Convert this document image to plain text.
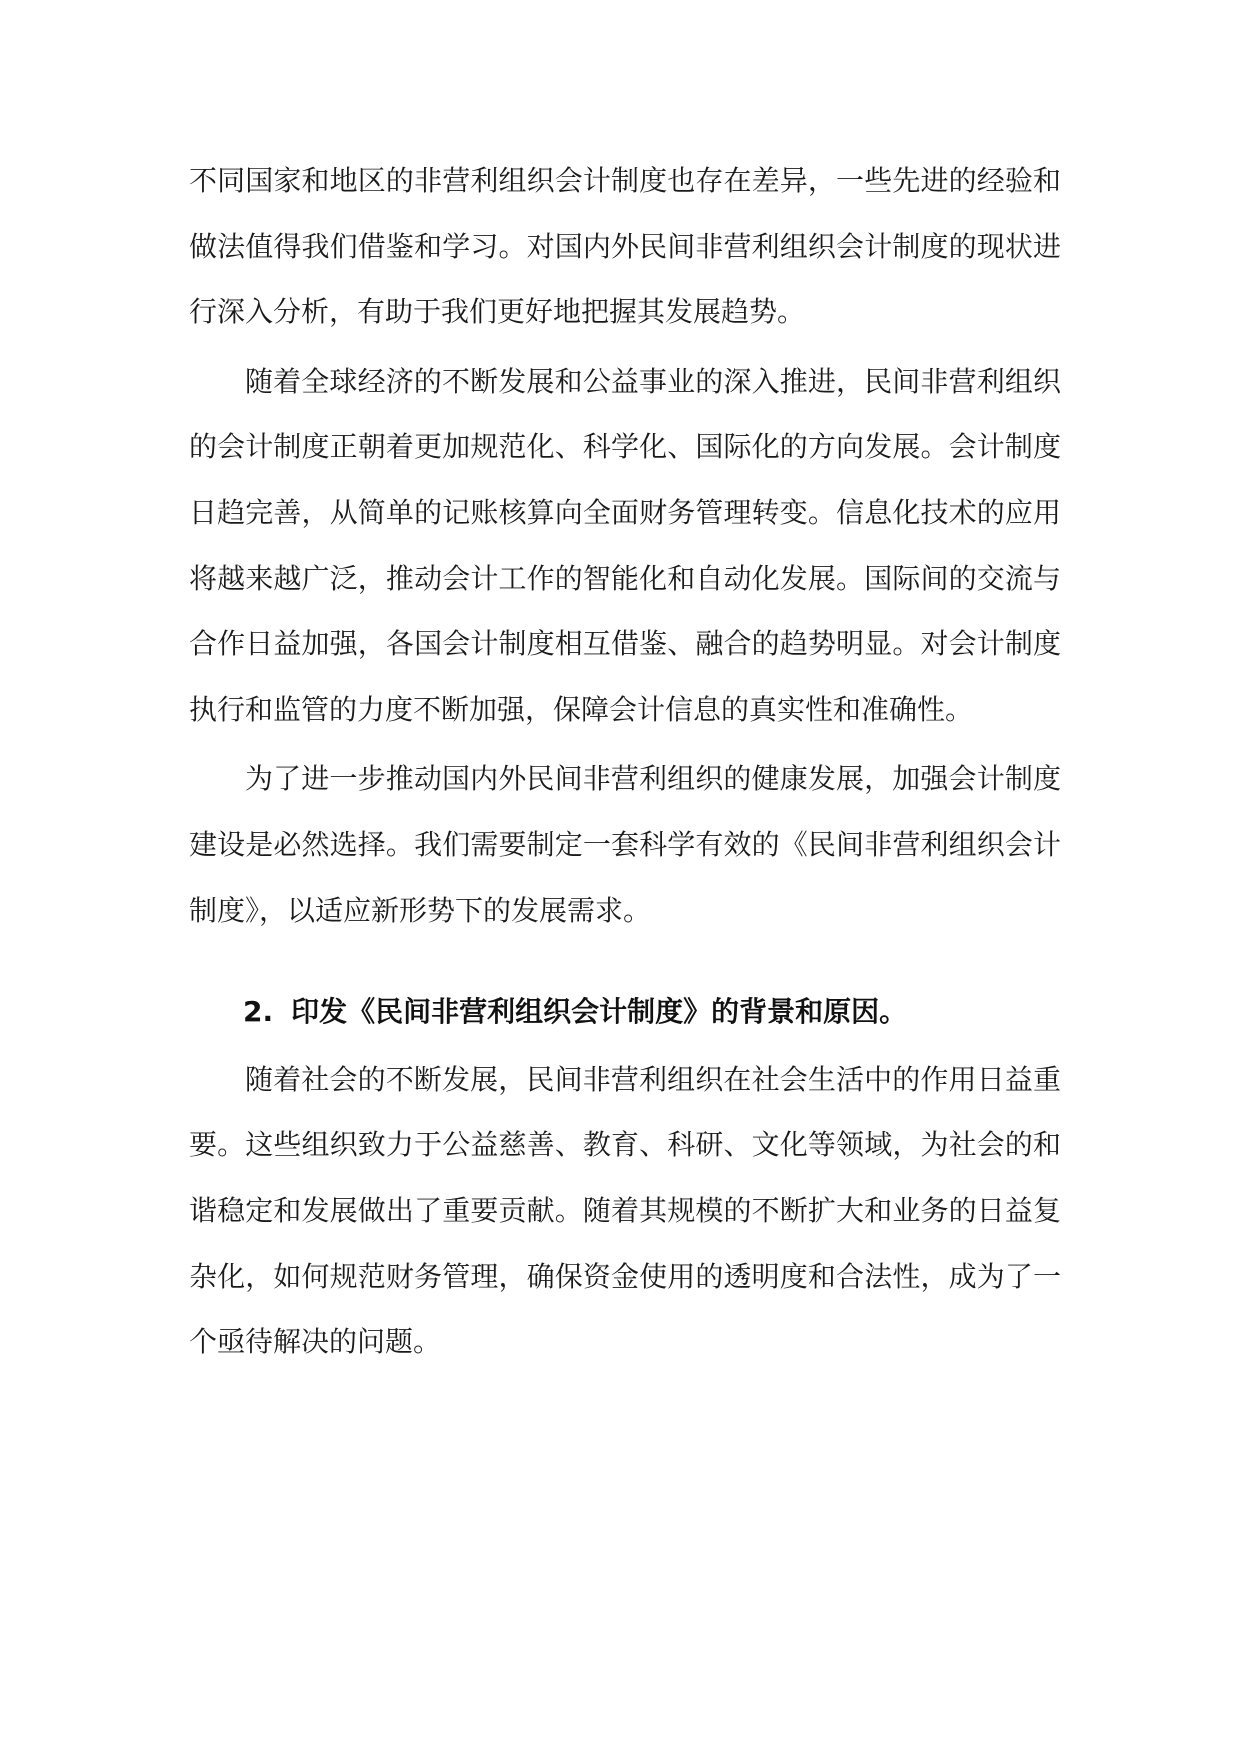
不同国家和地区的非营利组织会计制度也存在差异，一些先进的经验和做法值得我们借鉴和学习。对国内外民间非营利组织会计制度的现状进行深入分析，有助于我们更好地把握其发展趋势。

随着全球经济的不断发展和公益事业的深入推进，民间非营利组织的会计制度正朝着更加规范化、科学化、国际化的方向发展。会计制度日趋完善，从简单的记账核算向全面财务管理转变。信息化技术的应用将越来越广泛，推动会计工作的智能化和自动化发展。国际间的交流与合作日益加强，各国会计制度相互借鉴、融合的趋势明显。对会计制度执行和监管的力度不断加强，保障会计信息的真实性和准确性。

为了进一步推动国内外民间非营利组织的健康发展，加强会计制度建设是必然选择。我们需要制定一套科学有效的《民间非营利组织会计制度》，以适应新形势下的发展需求。

2. 印发《民间非营利组织会计制度》的背景和原因。

随着社会的不断发展，民间非营利组织在社会生活中的作用日益重要。这些组织致力于公益慈善、教育、科研、文化等领域，为社会的和谐稳定和发展做出了重要贡献。随着其规模的不断扩大和业务的日益复杂化，如何规范财务管理，确保资金使用的透明度和合法性，成为了一个亟待解决的问题。
